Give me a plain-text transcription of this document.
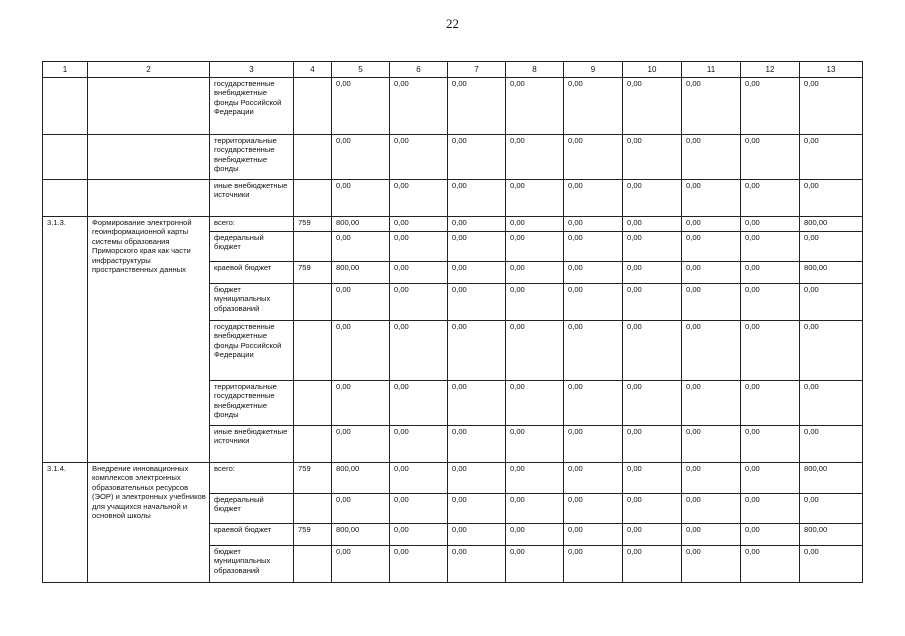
22
1	2	3	4	5	6	7	8	9	10	11	12	13
		государственные внебюджетные фонды Российской Федерации		0,00	0,00	0,00	0,00	0,00	0,00	0,00	0,00	0,00
		территориальные государственные внебюджетные фонды		0,00	0,00	0,00	0,00	0,00	0,00	0,00	0,00	0,00
		иные внебюджетные источники		0,00	0,00	0,00	0,00	0,00	0,00	0,00	0,00	0,00
3.1.3.	Формирование электронной геоинформационной карты системы образования Приморского края как части инфраструктуры пространственных данных	всего:	759	800,00	0,00	0,00	0,00	0,00	0,00	0,00	0,00	800,00
		федеральный бюджет		0,00	0,00	0,00	0,00	0,00	0,00	0,00	0,00	0,00
		краевой бюджет	759	800,00	0,00	0,00	0,00	0,00	0,00	0,00	0,00	800,00
		бюджет муниципальных образований		0,00	0,00	0,00	0,00	0,00	0,00	0,00	0,00	0,00
		государственные внебюджетные фонды Российской Федерации		0,00	0,00	0,00	0,00	0,00	0,00	0,00	0,00	0,00
		территориальные государственные внебюджетные фонды		0,00	0,00	0,00	0,00	0,00	0,00	0,00	0,00	0,00
		иные внебюджетные источники		0,00	0,00	0,00	0,00	0,00	0,00	0,00	0,00	0,00
3.1.4.	Внедрение инновационных комплексов электронных образовательных ресурсов (ЭОР) и электронных учебников для учащихся начальной и основной школы	всего:	759	800,00	0,00	0,00	0,00	0,00	0,00	0,00	0,00	800,00
		федеральный бюджет		0,00	0,00	0,00	0,00	0,00	0,00	0,00	0,00	0,00
		краевой бюджет	759	800,00	0,00	0,00	0,00	0,00	0,00	0,00	0,00	800,00
		бюджет муниципальных образований		0,00	0,00	0,00	0,00	0,00	0,00	0,00	0,00	0,00
